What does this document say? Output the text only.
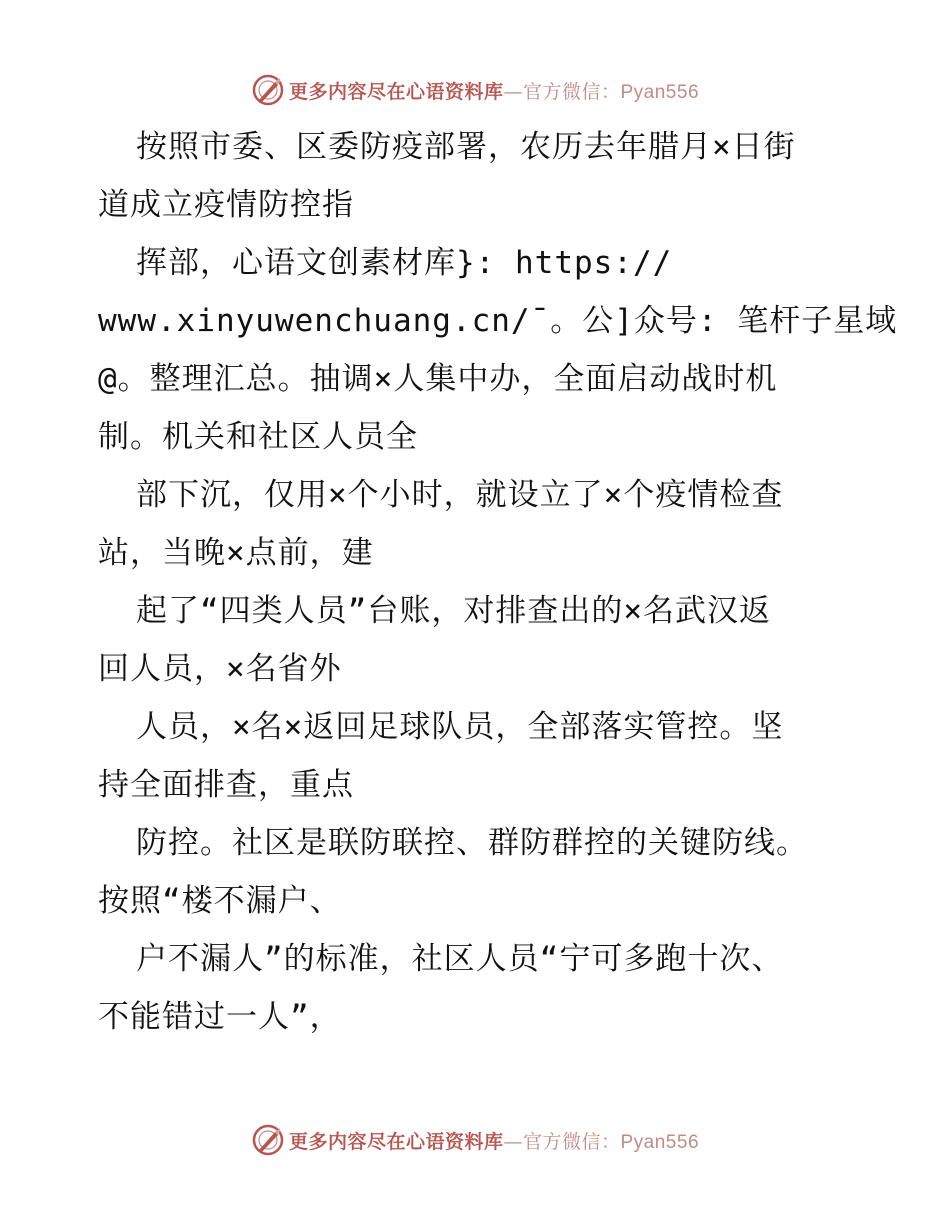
更多内容尽在心语资料库—官方微信：Pyan556
按照市委、区委防疫部署，农历去年腊月×日街
道成立疫情防控指
挥部，心语文创素材库}: https://
www.xinyuwenchuang.cn/¯。公]众号: 笔杆子星域
@。整理汇总。抽调×人集中办，全面启动战时机
制。机关和社区人员全
部下沉，仅用×个小时，就设立了×个疫情检查
站，当晚×点前，建
起了“四类人员”台账，对排查出的×名武汉返
回人员，×名省外
人员，×名×返回足球队员，全部落实管控。坚
持全面排查，重点
防控。社区是联防联控、群防群控的关键防线。
按照“楼不漏户、
户不漏人”的标准，社区人员“宁可多跑十次、
不能错过一人”，
更多内容尽在心语资料库—官方微信：Pyan556
